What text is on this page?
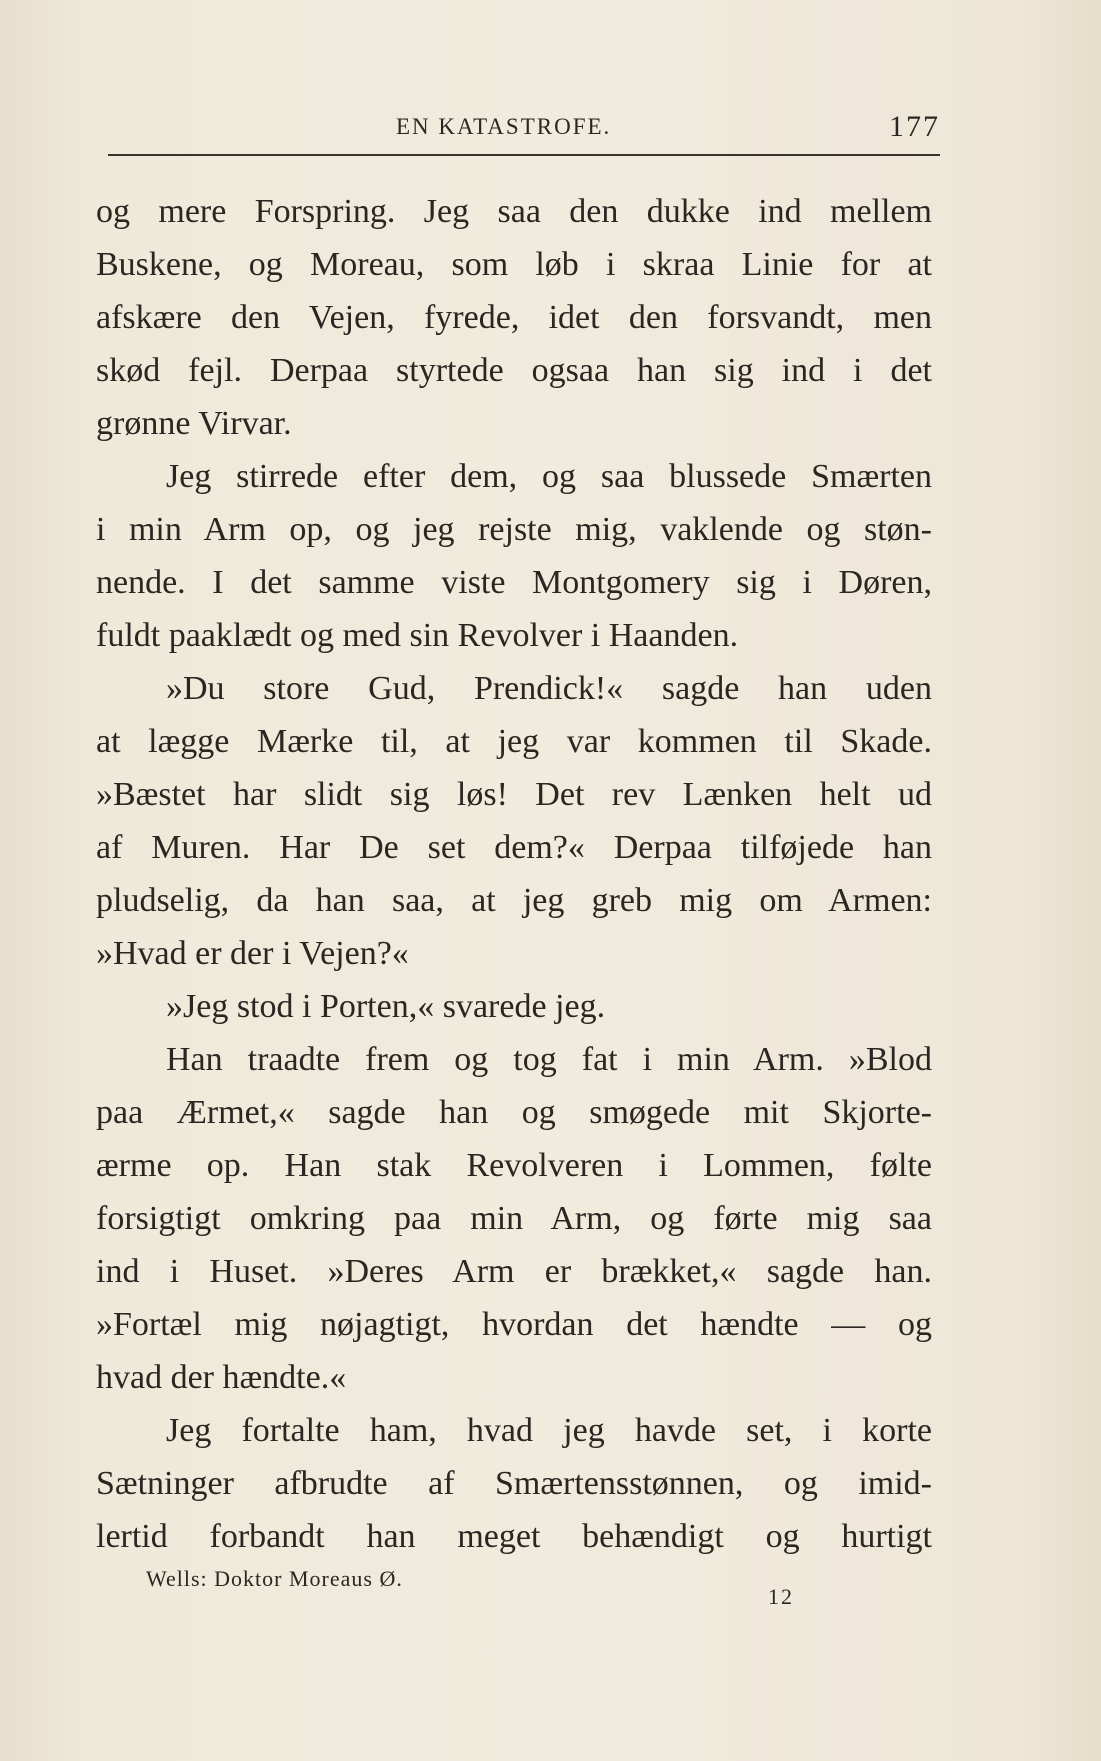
EN KATASTROFE.	177
og mere Forspring. Jeg saa den dukke ind mellem
Buskene, og Moreau, som løb i skraa Linie for at
afskære den Vejen, fyrede, idet den forsvandt, men
skød fejl. Derpaa styrtede ogsaa han sig ind i det
grønne Virvar.
Jeg stirrede efter dem, og saa blussede Smærten
i min Arm op, og jeg rejste mig, vaklende og støn-
nende. I det samme viste Montgomery sig i Døren,
fuldt paaklædt og med sin Revolver i Haanden.
»Du store Gud, Prendick!« sagde han uden
at lægge Mærke til, at jeg var kommen til Skade.
»Bæstet har slidt sig løs! Det rev Lænken helt ud
af Muren. Har De set dem?« Derpaa tilføjede han
pludselig, da han saa, at jeg greb mig om Armen:
»Hvad er der i Vejen?«
»Jeg stod i Porten,« svarede jeg.
Han traadte frem og tog fat i min Arm. »Blod
paa Ærmet,« sagde han og smøgede mit Skjorte-
ærme op. Han stak Revolveren i Lommen, følte
forsigtigt omkring paa min Arm, og førte mig saa
ind i Huset. »Deres Arm er brækket,« sagde han.
»Fortæl mig nøjagtigt, hvordan det hændte — og
hvad der hændte.«
Jeg fortalte ham, hvad jeg havde set, i korte
Sætninger afbrudte af Smærtensstønnen, og imid-
lertid forbandt han meget behændigt og hurtigt
Wells: Doktor Moreaus Ø.
12
